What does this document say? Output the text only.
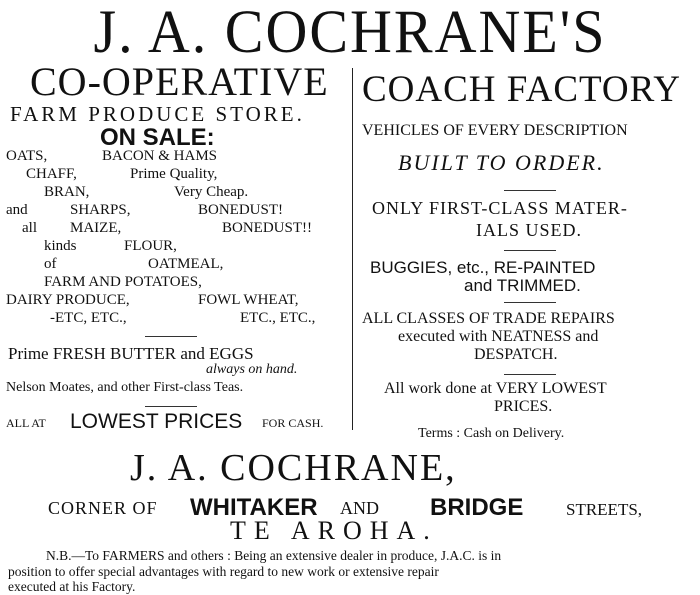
J. A. COCHRANE'S
CO-OPERATIVE
FARM PRODUCE STORE.
ON SALE:
OATS,	BACON & HAMS
CHAFF,	Prime Quality,
BRAN,	Very Cheap.
and	SHARPS,	BONEDUST!
all MAIZE,	BONEDUST!!
kinds	FLOUR,
of	OATMEAL,
FARM AND POTATOES,
DAIRY PRODUCE,	FOWL WHEAT,
-ETC, ETC.,	ETC., ETC.,
Prime FRESH BUTTER and EGGS
always on hand.
Nelson Moates, and other First-class Teas.
ALL AT LOWEST PRICES FOR CASH.
COACH FACTORY
VEHICLES OF EVERY DESCRIPTION
BUILT TO ORDER.
ONLY FIRST-CLASS MATER-
IALS USED.
BUGGIES, etc., RE-PAINTED
and TRIMMED.
ALL CLASSES OF TRADE REPAIRS
executed with NEATNESS and
DESPATCH.
All work done at VERY LOWEST
PRICES.
Terms : Cash on Delivery.
J. A. COCHRANE,
CORNER OF WHITAKER AND BRIDGE	STREETS,
TE AROHA.
N.B.—To FARMERS and others : Being an extensive dealer in produce, J.A.C. is in
position to offer special advantages with regard to new work or extensive repair
executed at his Factory.
